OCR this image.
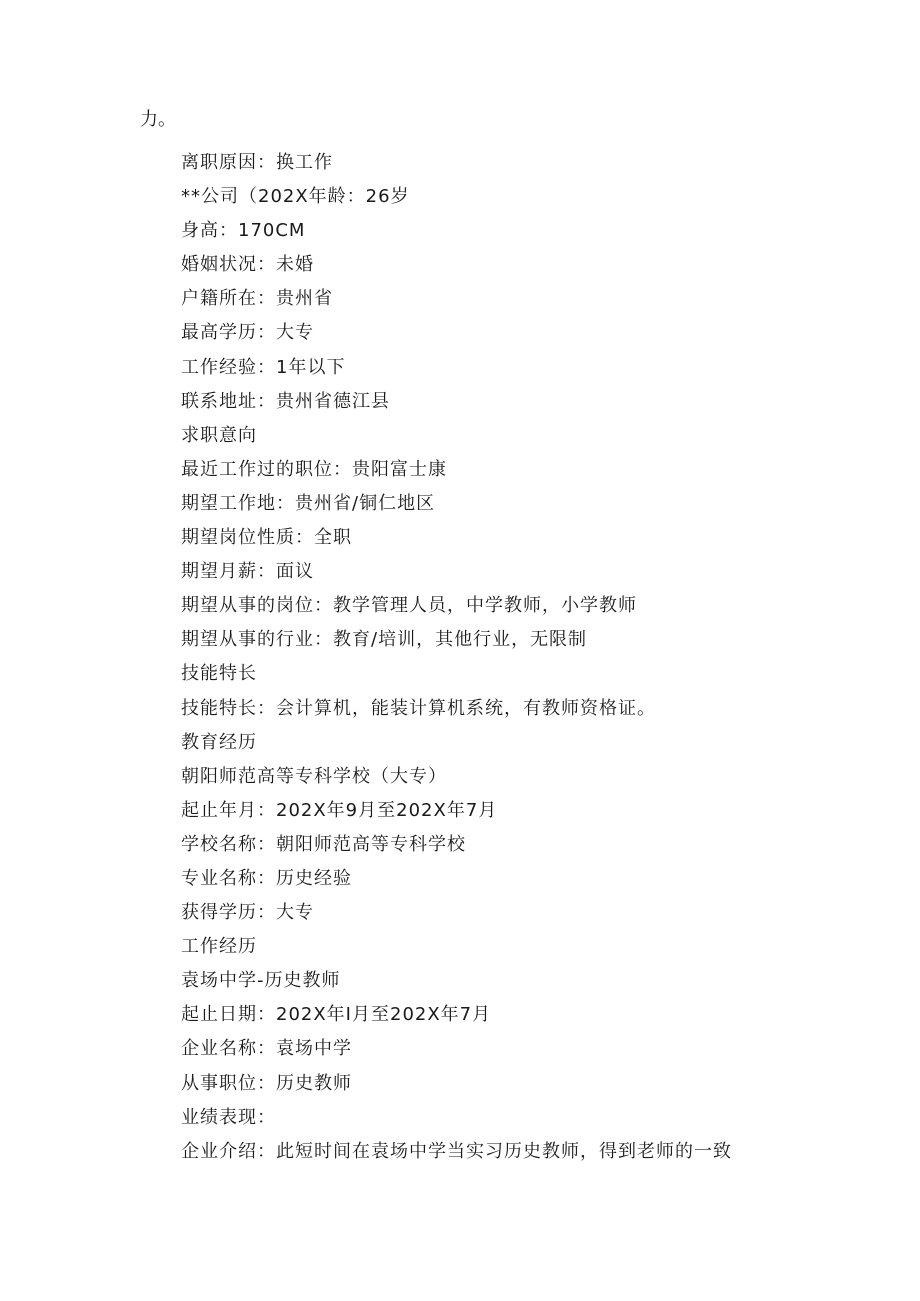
力。
离职原因：换工作
**公司（202X年龄：26岁
身高：170CM
婚姻状况：未婚
户籍所在：贵州省
最高学历：大专
工作经验：1年以下
联系地址：贵州省德江县
求职意向
最近工作过的职位：贵阳富士康
期望工作地：贵州省/铜仁地区
期望岗位性质：全职
期望月薪：面议
期望从事的岗位：教学管理人员，中学教师，小学教师
期望从事的行业：教育/培训，其他行业，无限制
技能特长
技能特长：会计算机，能装计算机系统，有教师资格证。
教育经历
朝阳师范高等专科学校（大专）
起止年月：202X年9月至202X年7月
学校名称：朝阳师范高等专科学校
专业名称：历史经验
获得学历：大专
工作经历
袁场中学-历史教师
起止日期：202X年I月至202X年7月
企业名称：袁场中学
从事职位：历史教师
业绩表现：
企业介绍：此短时间在袁场中学当实习历史教师，得到老师的一致
